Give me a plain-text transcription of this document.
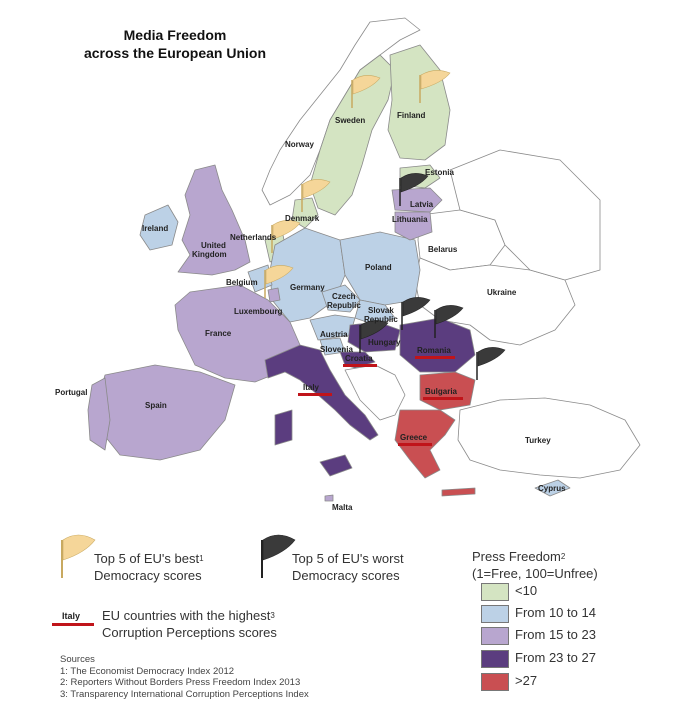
Sweden
Finland
Norway
Estonia
Latvia
Lithuania
Denmark
Ireland
United
Kingdom
Netherlands
Belgium
Germany
Poland
Belarus
Ukraine
Czech
Republic
Slovak
Republic
Luxembourg
Austria
Hungary
Slovenia
Croatia
Romania
France
Portugal
Spain
Italy	Bulgaria
Greece	Turkey
Cyprus
Malta
Italy
Media Freedom
across the European Union
Top 5 of EU's best$_1$
Democracy scores
Top 5 of EU's worst
Democracy scores
EU countries with the highest$_3$
Corruption Perceptions scores
Press Freedom$^2$
(1=Free, 100=Unfree)
<10
From 10 to 14
From 15 to 23
From 23 to 27
>27
Sources
1: The Economist Democracy Index 2012
2: Reporters Without Borders Press Freedom Index 2013
3: Transparency International Corruption Perceptions Index
